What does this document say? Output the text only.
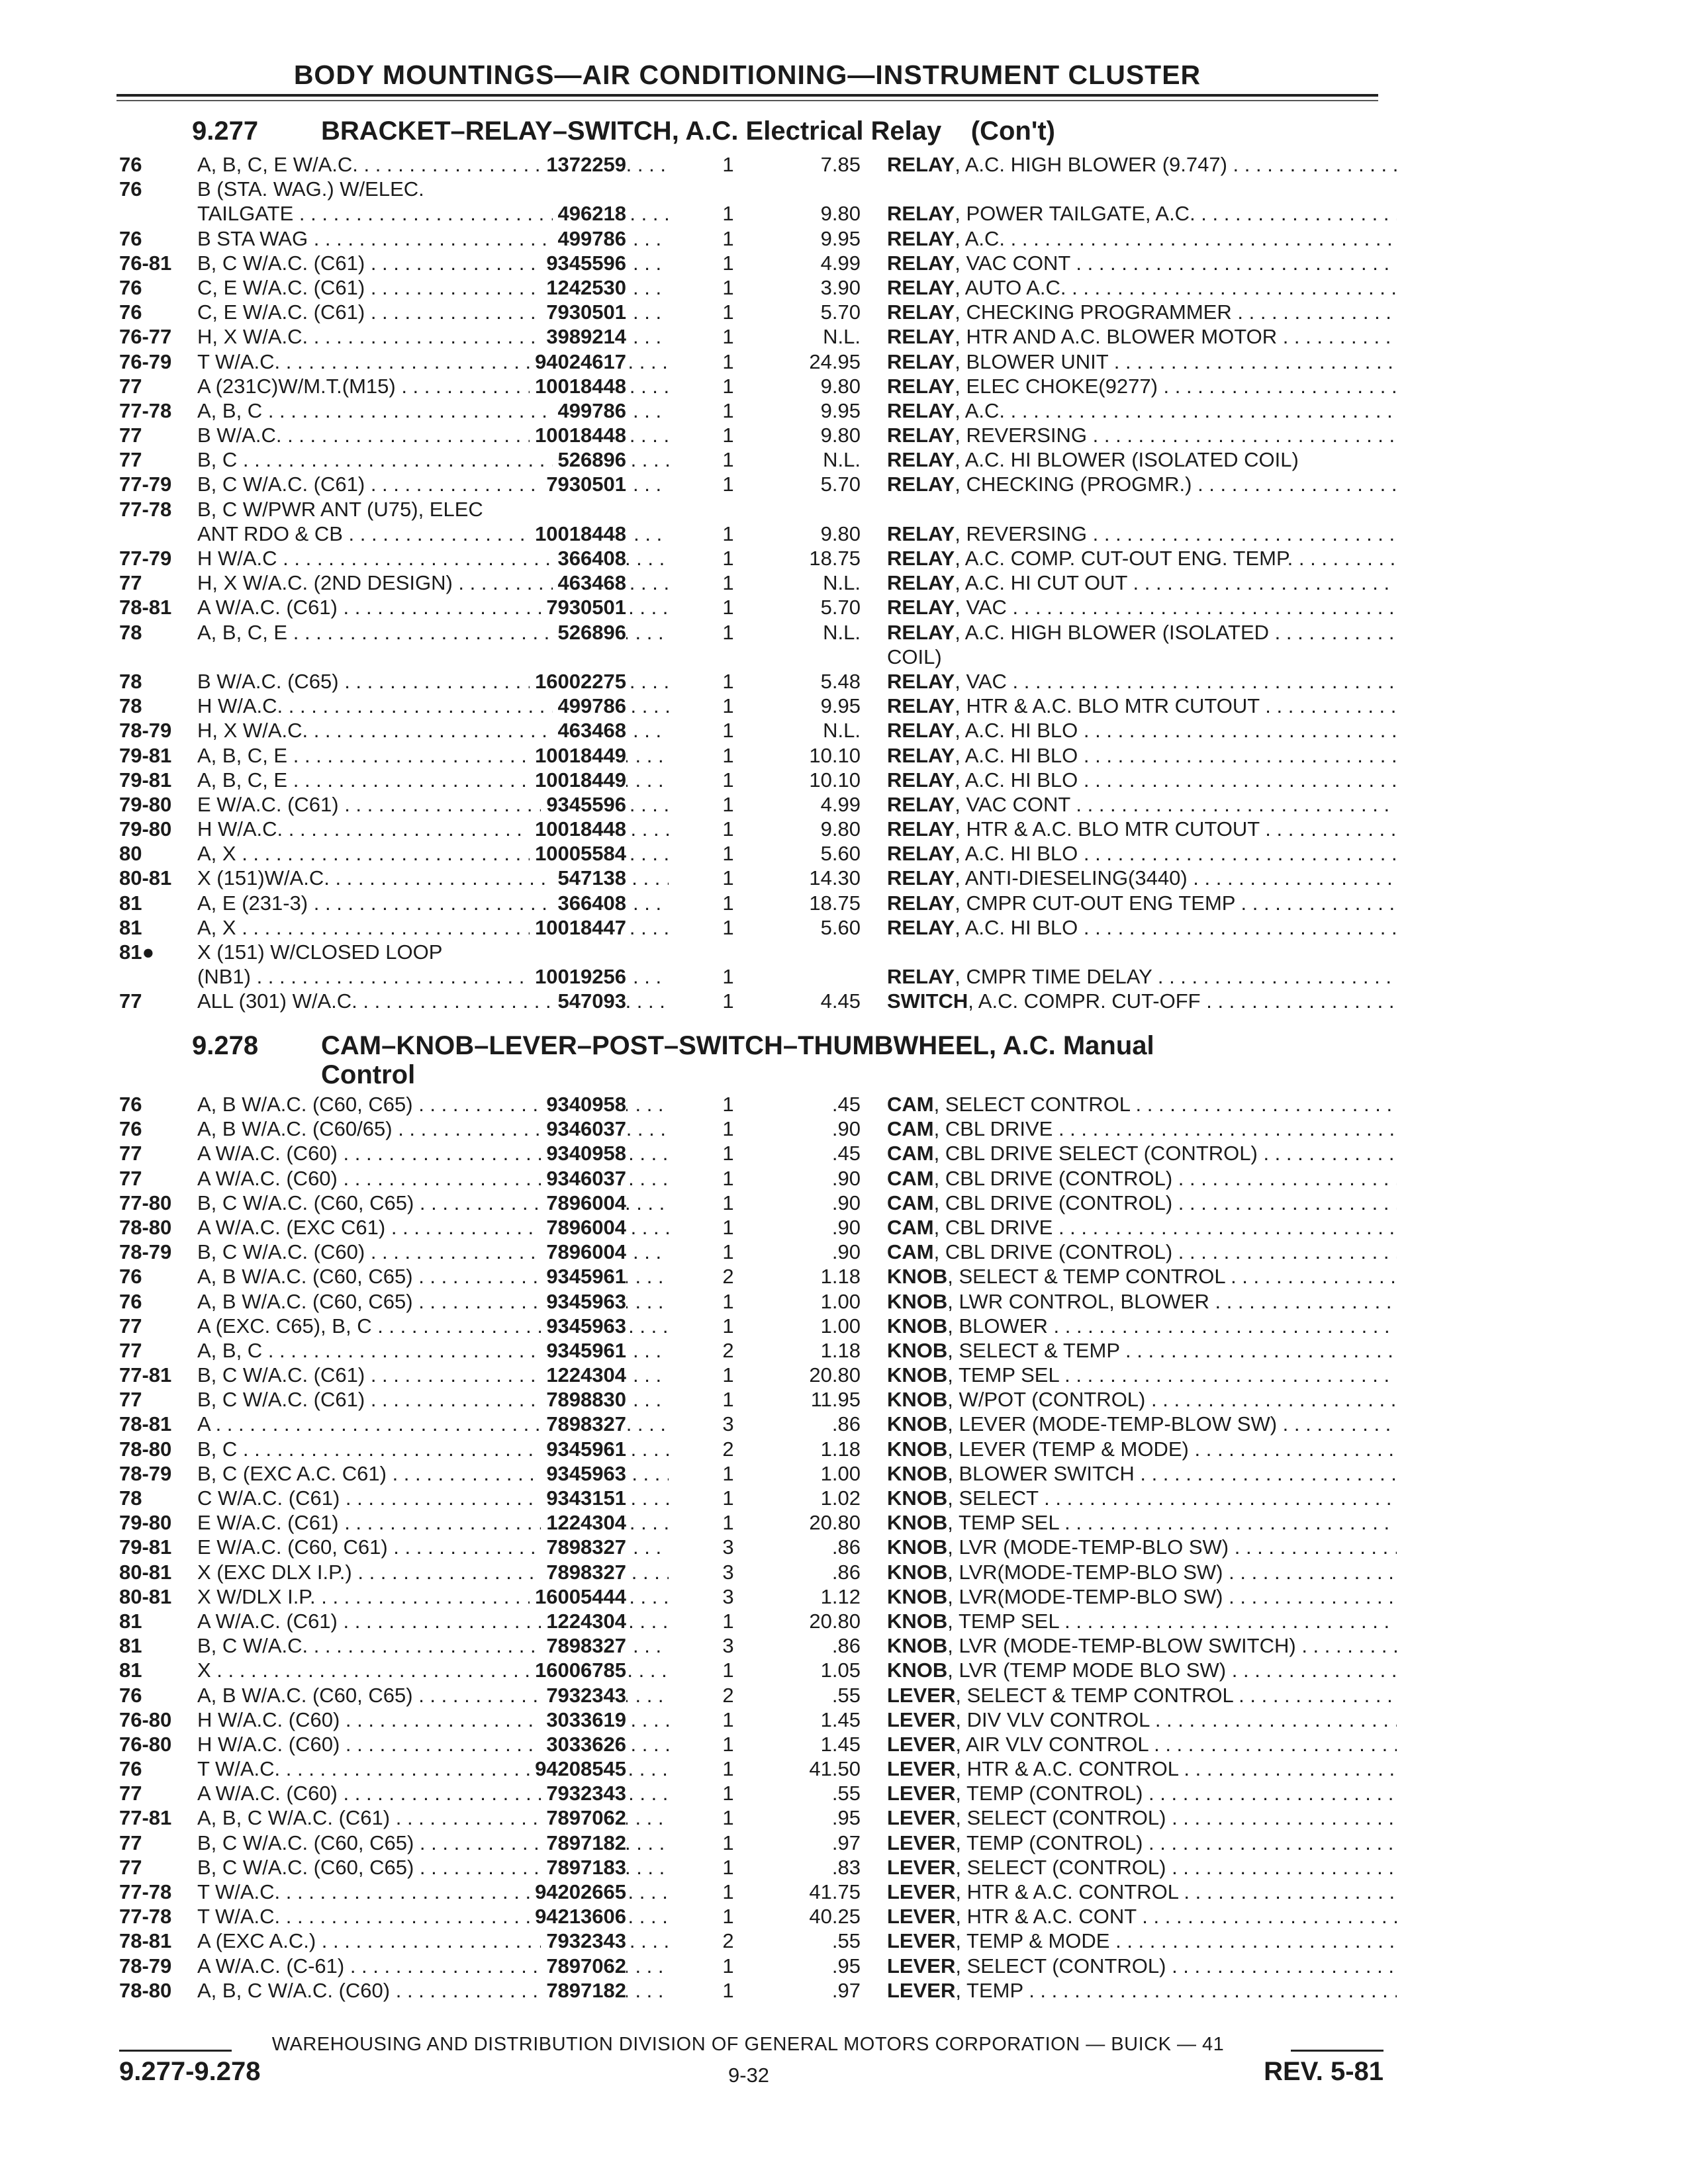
BODY MOUNTINGS—AIR CONDITIONING—INSTRUMENT CLUSTER
9.277 BRACKET–RELAY–SWITCH, A.C. Electrical Relay (Con't)
76	A, B, C, E W/A.C. . . .	1372259	1	7.85 RELAY, A.C. HIGH BLOWER (9.747) . . .
76	B (STA. WAG.) W/ELEC.
TAILGATE . . .	496218	1	9.80 RELAY, POWER TAILGATE, A.C. . . .
76	B STA WAG . . .	499786	1	9.95 RELAY, A.C. . . .
76-81 B, C W/A.C. (C61) . . .	9345596	1	4.99 RELAY, VAC CONT . . .
76	C, E W/A.C. (C61) . . .	1242530	1	3.90 RELAY, AUTO A.C. . . .
76	C, E W/A.C. (C61) . . .	7930501	1	5.70 RELAY, CHECKING PROGRAMMER . . .
76-77 H, X W/A.C. . . .	3989214	1	N.L. RELAY, HTR AND A.C. BLOWER MOTOR . . .
76-79 T W/A.C. . . .	94024617	1	24.95 RELAY, BLOWER UNIT . . .
77	A (231C)W/M.T.(M15) . . .	10018448	1	9.80 RELAY, ELEC CHOKE(9277) . . .
77-78 A, B, C . . .	499786	1	9.95 RELAY, A.C. . . .
77	B W/A.C. . . .	10018448	1	9.80 RELAY, REVERSING . . .
77	B, C . . .	526896	1	N.L. RELAY, A.C. HI BLOWER (ISOLATED COIL)
77-79 B, C W/A.C. (C61) . . .	7930501	1	5.70 RELAY, CHECKING (PROGMR.) . . .
77-78 B, C W/PWR ANT (U75), ELEC
ANT RDO & CB . . .	10018448	1	9.80 RELAY, REVERSING . . .
77-79 H W/A.C . . .	366408	1	18.75 RELAY, A.C. COMP. CUT-OUT ENG. TEMP. . . .
77	H, X W/A.C. (2ND DESIGN) . . .	463468	1	N.L. RELAY, A.C. HI CUT OUT . . .
78-81 A W/A.C. (C61) . . .	7930501	1	5.70 RELAY, VAC . . .
78	A, B, C, E . . .	526896	1	N.L. RELAY, A.C. HIGH BLOWER (ISOLATED . . .
COIL)
78	B W/A.C. (C65) . . .	16002275	1	5.48 RELAY, VAC . . .
78	H W/A.C. . . .	499786	1	9.95 RELAY, HTR & A.C. BLO MTR CUTOUT . . .
78-79 H, X W/A.C. . . .	463468	1	N.L. RELAY, A.C. HI BLO . . .
79-81 A, B, C, E . . .	10018449	1	10.10 RELAY, A.C. HI BLO . . .
79-81 A, B, C, E . . .	10018449	1	10.10 RELAY, A.C. HI BLO . . .
79-80 E W/A.C. (C61) . . .	9345596	1	4.99 RELAY, VAC CONT . . .
79-80 H W/A.C. . . .	10018448	1	9.80 RELAY, HTR & A.C. BLO MTR CUTOUT . . .
80	A, X . . .	10005584	1	5.60 RELAY, A.C. HI BLO . . .
80-81 X (151)W/A.C. . . .	547138	1	14.30 RELAY, ANTI-DIESELING(3440) . . .
81	A, E (231-3) . . .	366408	1	18.75 RELAY, CMPR CUT-OUT ENG TEMP . . .
81	A, X . . .	10018447	1	5.60 RELAY, A.C. HI BLO . . .
81● X (151) W/CLOSED LOOP
(NB1) . . .	10019256	1	RELAY, CMPR TIME DELAY . . .
77	ALL (301) W/A.C. . . .	547093	1	4.45 SWITCH, A.C. COMPR. CUT-OFF . . .
9.278 CAM–KNOB–LEVER–POST–SWITCH–THUMBWHEEL, A.C. Manual
Control
76	A, B W/A.C. (C60, C65) . . .	9340958	1	.45 CAM, SELECT CONTROL . . .
76	A, B W/A.C. (C60/65) . . .	9346037	1	.90 CAM, CBL DRIVE . . .
77	A W/A.C. (C60) . . .	9340958	1	.45 CAM, CBL DRIVE SELECT (CONTROL) . . .
77	A W/A.C. (C60) . . .	9346037	1	.90 CAM, CBL DRIVE (CONTROL) . . .
77-80 B, C W/A.C. (C60, C65) . . .	7896004	1	.90 CAM, CBL DRIVE (CONTROL) . . .
78-80 A W/A.C. (EXC C61) . . .	7896004	1	.90 CAM, CBL DRIVE . . .
78-79 B, C W/A.C. (C60) . . .	7896004	1	.90 CAM, CBL DRIVE (CONTROL) . . .
76	A, B W/A.C. (C60, C65) . . .	9345961	2	1.18 KNOB, SELECT & TEMP CONTROL . . .
76	A, B W/A.C. (C60, C65) . . .	9345963	1	1.00 KNOB, LWR CONTROL, BLOWER . . .
77	A (EXC. C65), B, C . . .	9345963	1	1.00 KNOB, BLOWER . . .
77	A, B, C . . .	9345961	2	1.18 KNOB, SELECT & TEMP . . .
77-81 B, C W/A.C. (C61) . . .	1224304	1	20.80 KNOB, TEMP SEL . . .
77	B, C W/A.C. (C61) . . .	7898830	1	11.95 KNOB, W/POT (CONTROL) . . .
78-81 A . . .	7898327	3	.86 KNOB, LEVER (MODE-TEMP-BLOW SW) . . .
78-80 B, C . . .	9345961	2	1.18 KNOB, LEVER (TEMP & MODE) . . .
78-79 B, C (EXC A.C. C61) . . .	9345963	1	1.00 KNOB, BLOWER SWITCH . . .
78	C W/A.C. (C61) . . .	9343151	1	1.02 KNOB, SELECT . . .
79-80 E W/A.C. (C61) . . .	1224304	1	20.80 KNOB, TEMP SEL . . .
79-81 E W/A.C. (C60, C61) . . .	7898327	3	.86 KNOB, LVR (MODE-TEMP-BLO SW) . . .
80-81 X (EXC DLX I.P.) . . .	7898327	3	.86 KNOB, LVR(MODE-TEMP-BLO SW) . . .
80-81 X W/DLX I.P. . . .	16005444	3	1.12 KNOB, LVR(MODE-TEMP-BLO SW) . . .
81	A W/A.C. (C61) . . .	1224304	1	20.80 KNOB, TEMP SEL . . .
81	B, C W/A.C. . . .	7898327	3	.86 KNOB, LVR (MODE-TEMP-BLOW SWITCH) . . .
81	X . . .	16006785	1	1.05 KNOB, LVR (TEMP MODE BLO SW) . . .
76	A, B W/A.C. (C60, C65) . . .	7932343	2	.55 LEVER, SELECT & TEMP CONTROL . . .
76-80 H W/A.C. (C60) . . .	3033619	1	1.45 LEVER, DIV VLV CONTROL . . .
76-80 H W/A.C. (C60) . . .	3033626	1	1.45 LEVER, AIR VLV CONTROL . . .
76	T W/A.C. . . .	94208545	1	41.50 LEVER, HTR & A.C. CONTROL . . .
77	A W/A.C. (C60) . . .	7932343	1	.55 LEVER, TEMP (CONTROL) . . .
77-81 A, B, C W/A.C. (C61) . . .	7897062	1	.95 LEVER, SELECT (CONTROL) . . .
77	B, C W/A.C. (C60, C65) . . .	7897182	1	.97 LEVER, TEMP (CONTROL) . . .
77	B, C W/A.C. (C60, C65) . . .	7897183	1	.83 LEVER, SELECT (CONTROL) . . .
77-78 T W/A.C. . . .	94202665	1	41.75 LEVER, HTR & A.C. CONTROL . . .
77-78 T W/A.C. . . .	94213606	1	40.25 LEVER, HTR & A.C. CONT . . .
78-81 A (EXC A.C.) . . .	7932343	2	.55 LEVER, TEMP & MODE . . .
78-79 A W/A.C. (C-61) . . .	7897062	1	.95 LEVER, SELECT (CONTROL) . . .
78-80 A, B, C W/A.C. (C60) . . .	7897182	1	.97 LEVER, TEMP . . .
WAREHOUSING AND DISTRIBUTION DIVISION OF GENERAL MOTORS CORPORATION — BUICK — 41
9.277-9.278	9-32	REV. 5-81
